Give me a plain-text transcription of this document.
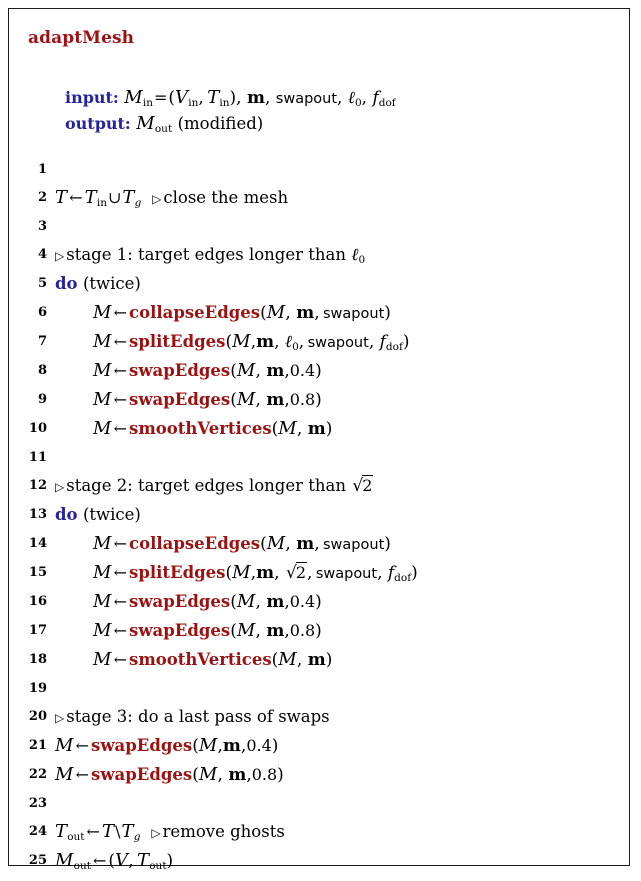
adaptMesh
input: $M_{in}=(V_{in}$, $T_{in}$), m, swapout, ℓ$_0$, $f_{dof}$
output: $M_{out}$ (modified)
1
2 T ← $T_{in}\cup T_g$ ▷ close the mesh
3
4 ▷ stage 1: target edges longer than ℓ$_0$
5 do (twice)
6	M ← collapseEdges(M, m, swapout)
7	M ← splitEdges(M,m, ℓ$_0$, swapout, $f_{dof}$)
8	M ← swapEdges(M, m,0.4)
9	M ← swapEdges(M, m,0.8)
10	M ← smoothVertices(M, m)
11
12 ▷ stage 2: target edges longer than √2
13 do (twice)
14	M ← collapseEdges(M, m, swapout)
15	M ← splitEdges(M,m, √2, swapout, $f_{dof}$)
16	M ← swapEdges(M, m,0.4)
17	M ← swapEdges(M, m,0.8)
18	M ← smoothVertices(M, m)
19
20 ▷ stage 3: do a last pass of swaps
21 M ← swapEdges(M,m,0.4)
22 M ← swapEdges(M, m,0.8)
23
24 $T_{out}$ ← $T\backslash T_g$ ▷ remove ghosts
25 $M_{out}$ ← (V, $T_{out}$)
